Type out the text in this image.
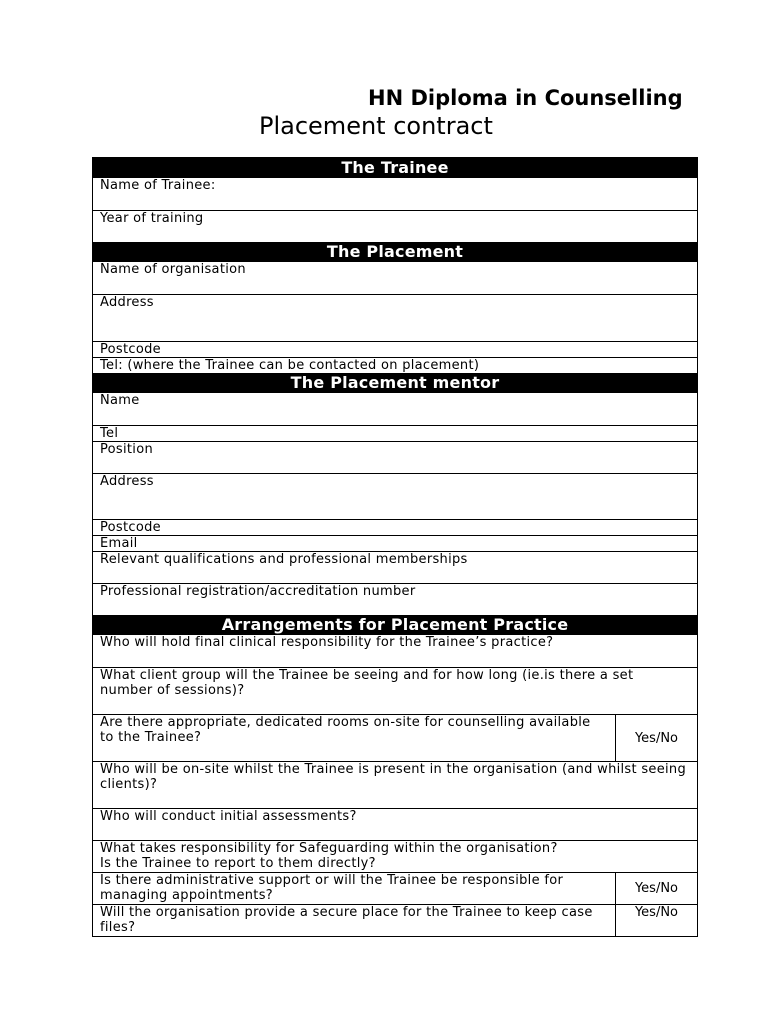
HN Diploma in Counselling
Placement contract
The Trainee
Name of Trainee:
Year of training
The Placement
Name of organisation
Address
Postcode
Tel: (where the Trainee can be contacted on placement)
The Placement mentor
Name
Tel
Position
Address
Postcode
Email
Relevant qualifications and professional memberships
Professional registration/accreditation number
Arrangements for Placement Practice
Who will hold final clinical responsibility for the Trainee’s practice?
What client group will the Trainee be seeing and for how long (ie.is there a set number of sessions)?
Are there appropriate, dedicated rooms on-site for counselling available to the Trainee?	Yes/No
Who will be on-site whilst the Trainee is present in the organisation (and whilst seeing clients)?
Who will conduct initial assessments?
What takes responsibility for Safeguarding within the organisation?
Is the Trainee to report to them directly?
Is there administrative support or will the Trainee be responsible for managing appointments?	Yes/No
Will the organisation provide a secure place for the Trainee to keep case files?
Yes/No
